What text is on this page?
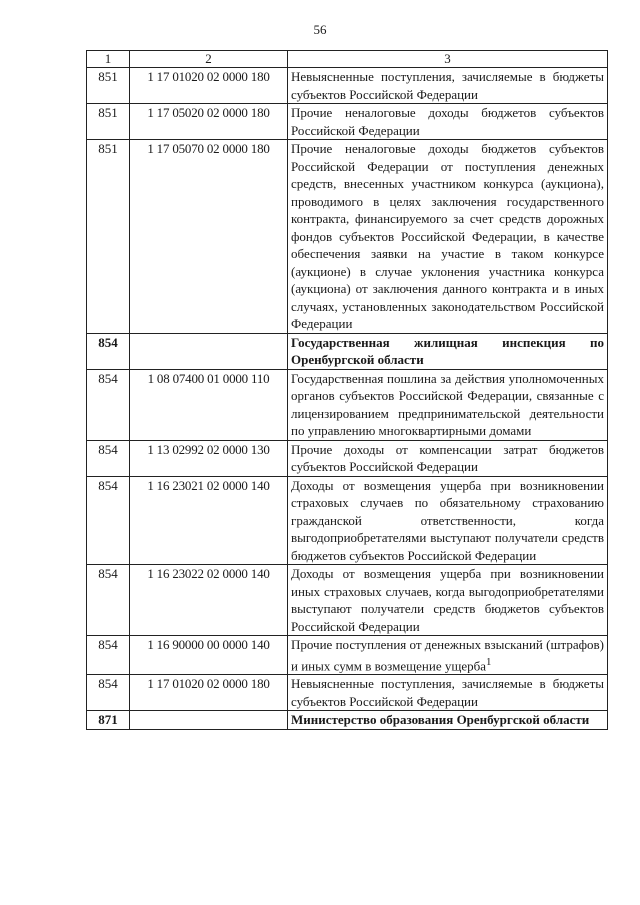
56
1	2	3
851	1 17 01020 02 0000 180	Невыясненные поступления, зачисляемые в бюджеты субъектов Российской Федерации
851	1 17 05020 02 0000 180	Прочие неналоговые доходы бюджетов субъектов Российской Федерации
851	1 17 05070 02 0000 180	Прочие неналоговые доходы бюджетов субъектов Российской Федерации от поступления денежных средств, внесенных участником конкурса (аукциона), проводимого в целях заключения государственного контракта, финансируемого за счет средств дорожных фондов субъектов Российской Федерации, в качестве обеспечения заявки на участие в таком конкурсе (аукционе) в случае уклонения участника конкурса (аукциона) от заключения данного контракта и в иных случаях, установленных законодательством Российской Федерации
854		Государственная жилищная инспекция по Оренбургской области
854	1 08 07400 01 0000 110	Государственная пошлина за действия уполномоченных органов субъектов Российской Федерации, связанные с лицензированием предпринимательской деятельности по управлению многоквартирными домами
854	1 13 02992 02 0000 130	Прочие доходы от компенсации затрат бюджетов субъектов Российской Федерации
854	1 16 23021 02 0000 140	Доходы от возмещения ущерба при возникновении страховых случаев по обязательному страхованию гражданской ответственности, когда выгодоприобретателями выступают получатели средств бюджетов субъектов Российской Федерации
854	1 16 23022 02 0000 140	Доходы от возмещения ущерба при возникновении иных страховых случаев, когда выгодоприобретателями выступают получатели средств бюджетов субъектов Российской Федерации
854	1 16 90000 00 0000 140	Прочие поступления от денежных взысканий (штрафов) и иных сумм в возмещение ущерба$^1$
854	1 17 01020 02 0000 180	Невыясненные поступления, зачисляемые в бюджеты субъектов Российской Федерации
871		Министерство образования Оренбургской области
